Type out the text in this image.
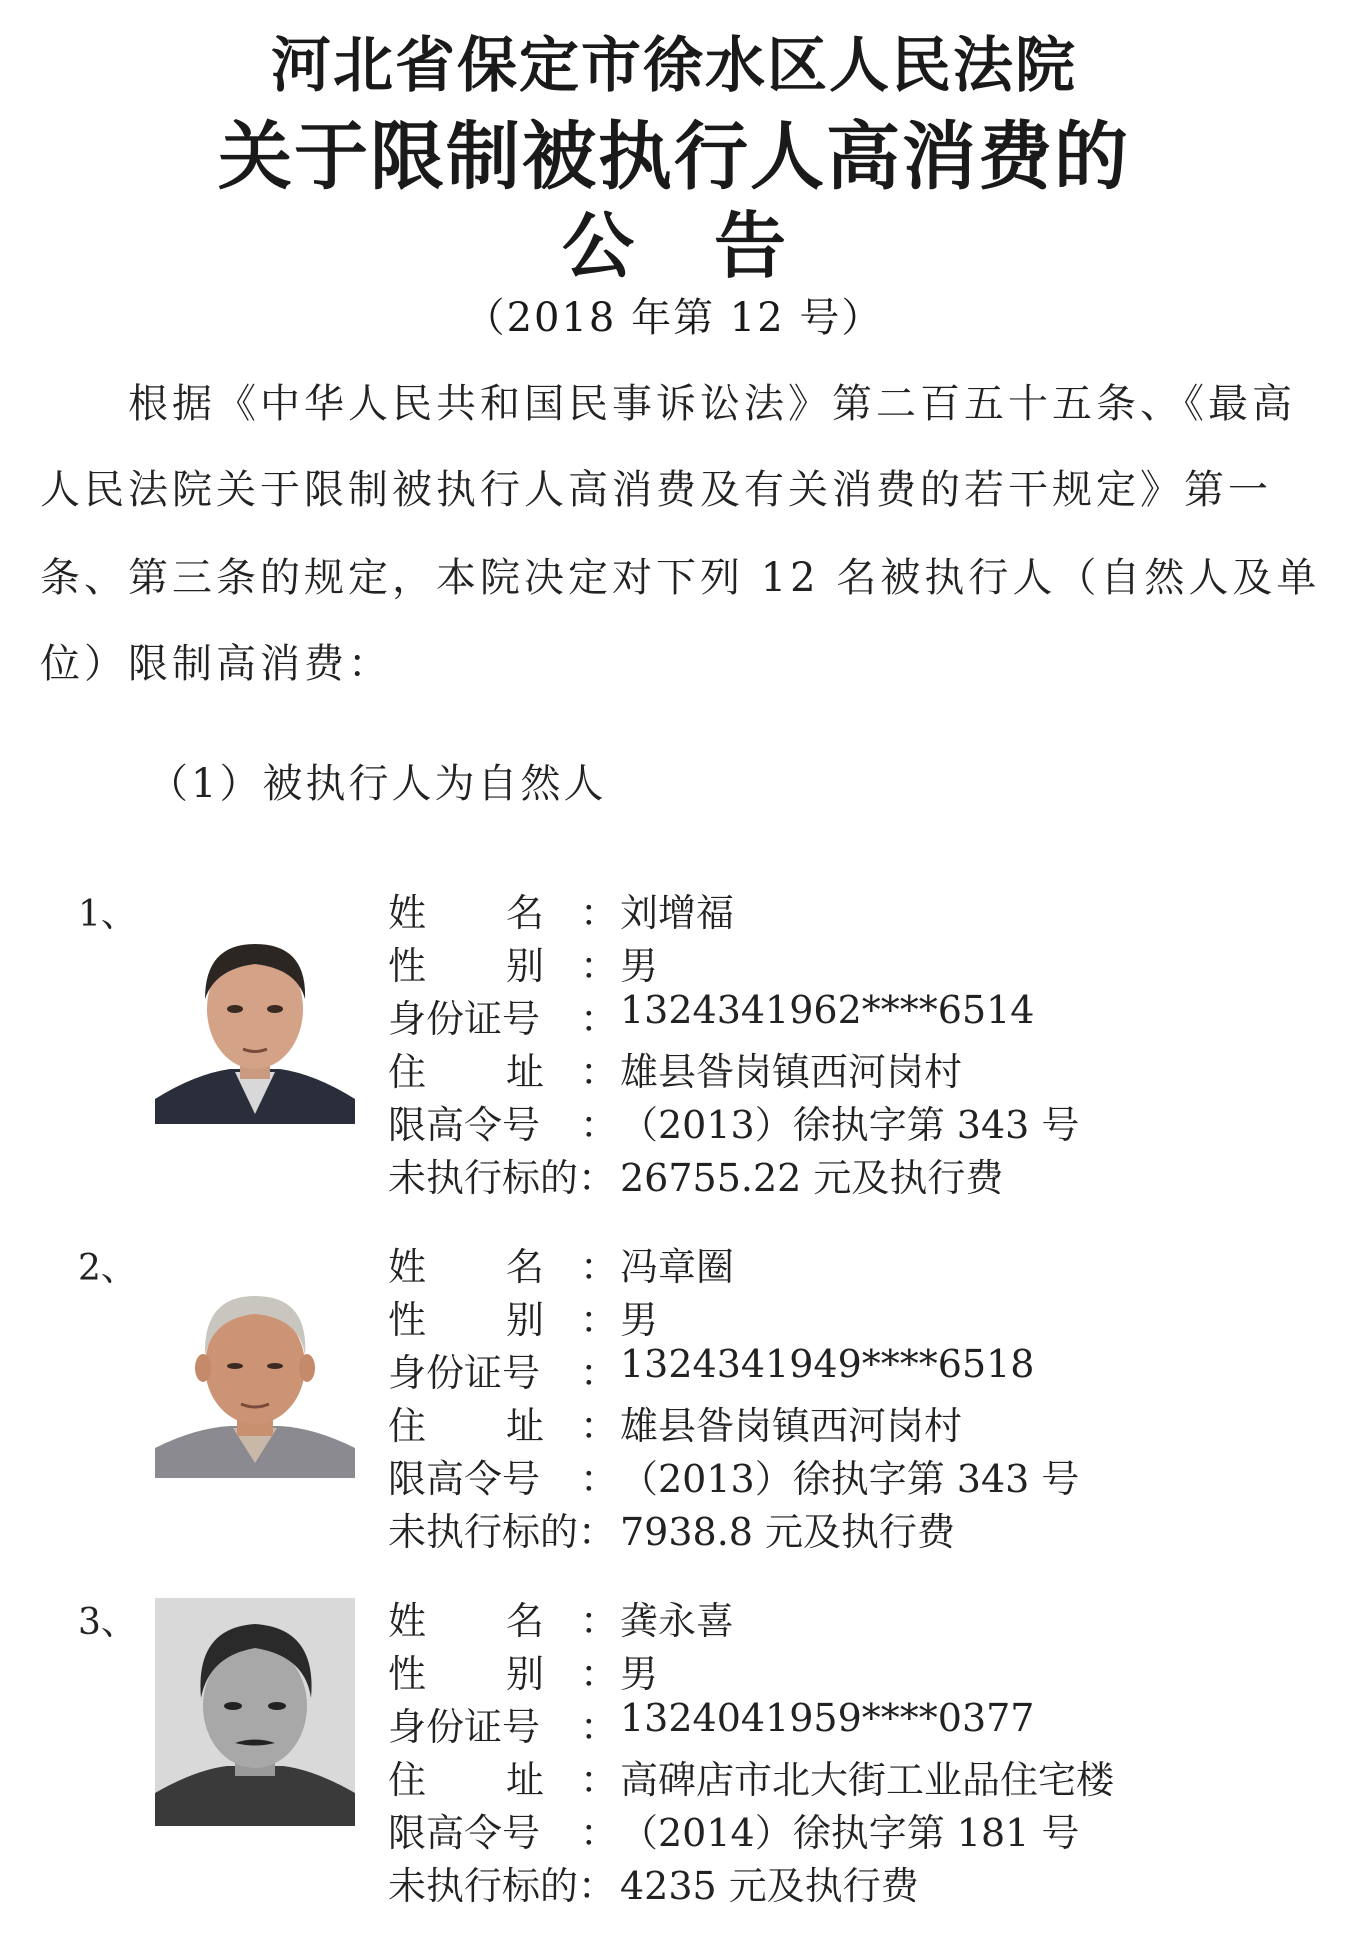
河北省保定市徐水区人民法院
关于限制被执行人高消费的
公 告
（2018 年第 12 号）
根据《中华人民共和国民事诉讼法》第二百五十五条、《最高
人民法院关于限制被执行人高消费及有关消费的若干规定》第一
条、第三条的规定，本院决定对下列 12 名被执行人（自然人及单
位）限制高消费：
（1）被执行人为自然人
1、	姓 名 ： 刘增福
性 别 ： 男
身份证号 ： 1324341962****6514
住 址 ： 雄县昝岗镇西河岗村
限高令号 ： （2013）徐执字第 343 号
未执行标的： 26755.22 元及执行费
2、	姓 名 ： 冯章圈
性 别 ： 男
身份证号 ： 1324341949****6518
住 址 ： 雄县昝岗镇西河岗村
限高令号 ： （2013）徐执字第 343 号
未执行标的： 7938.8 元及执行费
3、	姓 名 ： 龚永喜
性 别 ： 男
身份证号 ： 1324041959****0377
住 址 ： 高碑店市北大街工业品住宅楼
限高令号 ： （2014）徐执字第 181 号
未执行标的： 4235 元及执行费
